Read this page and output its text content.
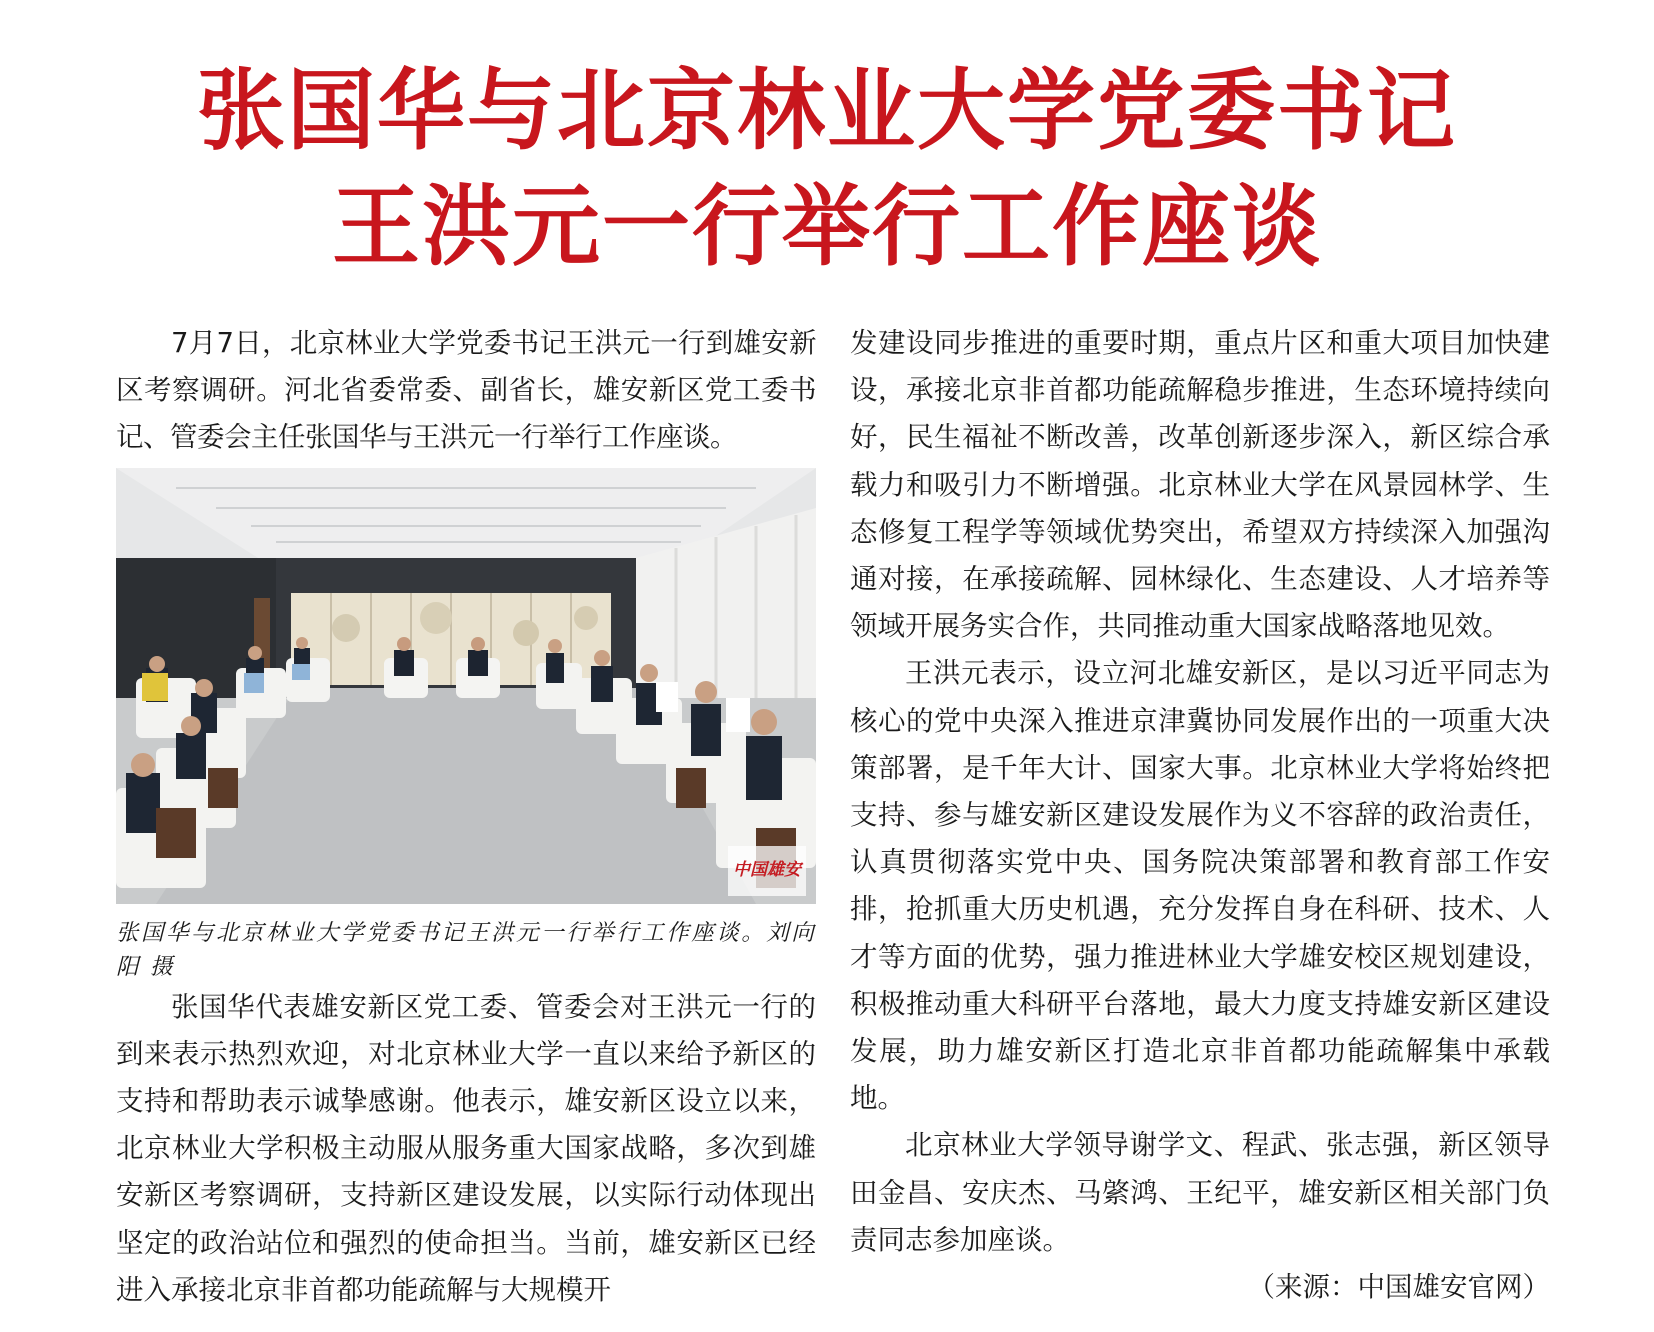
张国华与北京林业大学党委书记
王洪元一行举行工作座谈

7月7日，北京林业大学党委书记王洪元一行到雄安新区考察调研。河北省委常委、副省长，雄安新区党工委书记、管委会主任张国华与王洪元一行举行工作座谈。

中国雄安

张国华与北京林业大学党委书记王洪元一行举行工作座谈。刘向阳 摄

张国华代表雄安新区党工委、管委会对王洪元一行的到来表示热烈欢迎，对北京林业大学一直以来给予新区的支持和帮助表示诚挚感谢。他表示，雄安新区设立以来，北京林业大学积极主动服从服务重大国家战略，多次到雄安新区考察调研，支持新区建设发展，以实际行动体现出坚定的政治站位和强烈的使命担当。当前，雄安新区已经进入承接北京非首都功能疏解与大规模开

发建设同步推进的重要时期，重点片区和重大项目加快建设，承接北京非首都功能疏解稳步推进，生态环境持续向好，民生福祉不断改善，改革创新逐步深入，新区综合承载力和吸引力不断增强。北京林业大学在风景园林学、生态修复工程学等领域优势突出，希望双方持续深入加强沟通对接，在承接疏解、园林绿化、生态建设、人才培养等领域开展务实合作，共同推动重大国家战略落地见效。

王洪元表示，设立河北雄安新区，是以习近平同志为核心的党中央深入推进京津冀协同发展作出的一项重大决策部署，是千年大计、国家大事。北京林业大学将始终把支持、参与雄安新区建设发展作为义不容辞的政治责任，认真贯彻落实党中央、国务院决策部署和教育部工作安排，抢抓重大历史机遇，充分发挥自身在科研、技术、人才等方面的优势，强力推进林业大学雄安校区规划建设，积极推动重大科研平台落地，最大力度支持雄安新区建设发展，助力雄安新区打造北京非首都功能疏解集中承载地。

北京林业大学领导谢学文、程武、张志强，新区领导田金昌、安庆杰、马綮鸿、王纪平，雄安新区相关部门负责同志参加座谈。

（来源：中国雄安官网）
